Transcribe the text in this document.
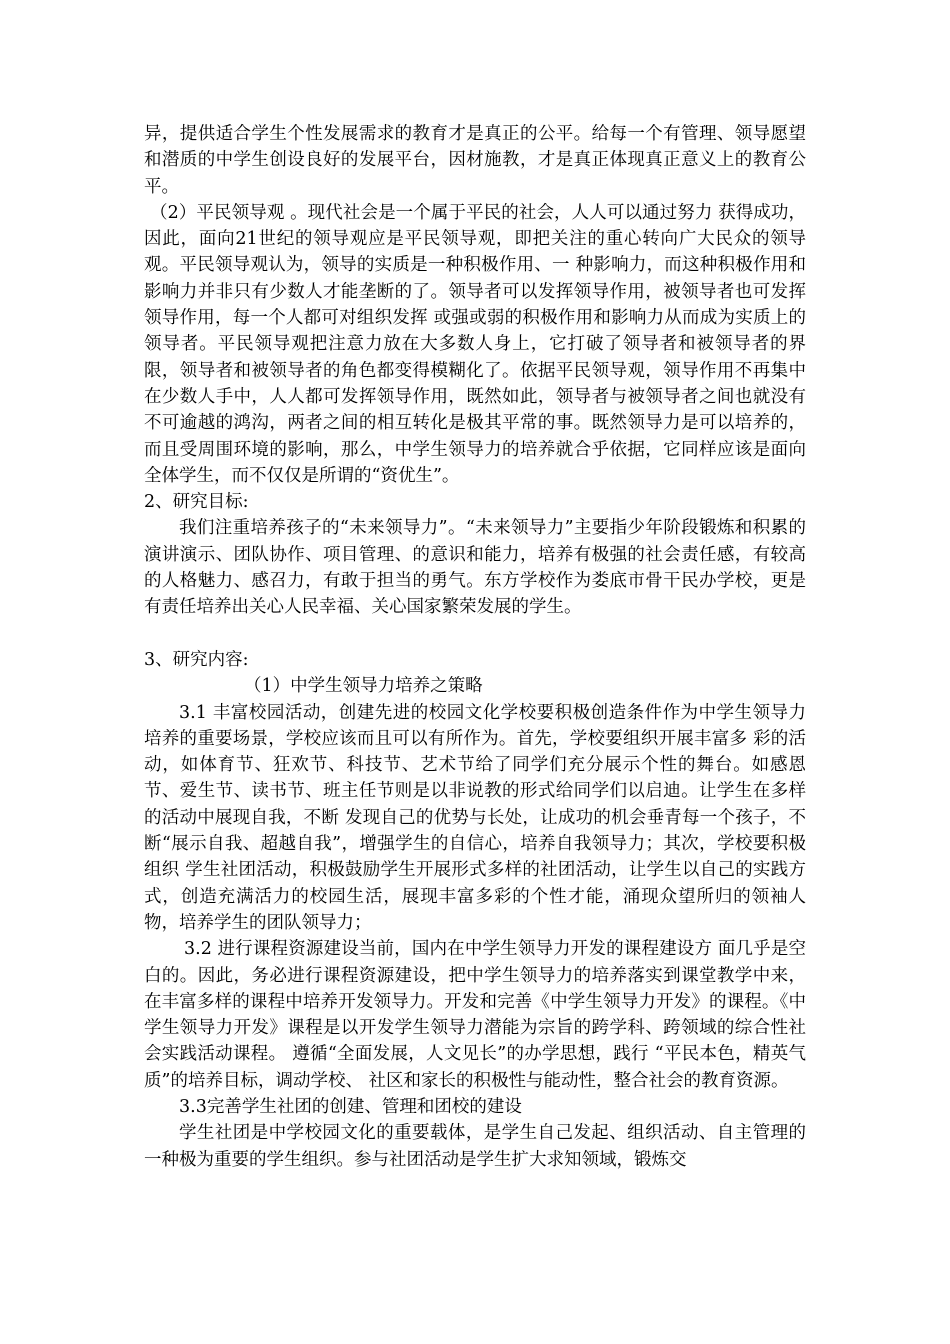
异，提供适合学生个性发展需求的教育才是真正的公平。给每一个有管理、领导愿望和潜质的中学生创设良好的发展平台，因材施教，才是真正体现真正意义上的教育公平。

（2）平民领导观 。现代社会是一个属于平民的社会，人人可以通过努力 获得成功，因此，面向21世纪的领导观应是平民领导观，即把关注的重心转向广大民众的领导观。平民领导观认为，领导的实质是一种积极作用、一 种影响力，而这种积极作用和影响力并非只有少数人才能垄断的了。领导者可以发挥领导作用，被领导者也可发挥领导作用，每一个人都可对组织发挥 或强或弱的积极作用和影响力从而成为实质上的 领导者。平民领导观把注意力放在大多数人身上，它打破了领导者和被领导者的界限，领导者和被领导者的角色都变得模糊化了。依据平民领导观，领导作用不再集中在少数人手中，人人都可发挥领导作用，既然如此，领导者与被领导者之间也就没有不可逾越的鸿沟，两者之间的相互转化是极其平常的事。既然领导力是可以培养的，而且受周围环境的影响，那么，中学生领导力的培养就合乎依据，它同样应该是面向全体学生，而不仅仅是所谓的“资优生”。

2、研究目标:

我们注重培养孩子的“未来领导力”。“未来领导力”主要指少年阶段锻炼和积累的演讲演示、团队协作、项目管理、的意识和能力，培养有极强的社会责任感，有较高的人格魅力、感召力，有敢于担当的勇气。东方学校作为娄底市骨干民办学校，更是有责任培养出关心人民幸福、关心国家繁荣发展的学生。

3、研究内容:

（1）中学生领导力培养之策略

3.1 丰富校园活动，创建先进的校园文化学校要积极创造条件作为中学生领导力培养的重要场景，学校应该而且可以有所作为。首先，学校要组织开展丰富多 彩的活动，如体育节、狂欢节、科技节、艺术节给了同学们充分展示个性的舞台。如感恩节、爱生节、读书节、班主任节则是以非说教的形式给同学们以启迪。让学生在多样的活动中展现自我，不断 发现自己的优势与长处，让成功的机会垂青每一个孩子，不断“展示自我、超越自我”，增强学生的自信心，培养自我领导力；其次，学校要积极组织 学生社团活动，积极鼓励学生开展形式多样的社团活动，让学生以自己的实践方式，创造充满活力的校园生活，展现丰富多彩的个性才能，涌现众望所归的领袖人物，培养学生的团队领导力；

3.2 进行课程资源建设当前，国内在中学生领导力开发的课程建设方 面几乎是空白的。因此，务必进行课程资源建设，把中学生领导力的培养落实到课堂教学中来，在丰富多样的课程中培养开发领导力。开发和完善《中学生领导力开发》的课程。《中学生领导力开发》课程是以开发学生领导力潜能为宗旨的跨学科、跨领域的综合性社会实践活动课程。 遵循“全面发展，人文见长”的办学思想，践行 “平民本色，精英气质”的培养目标，调动学校、 社区和家长的积极性与能动性，整合社会的教育资源。

3.3完善学生社团的创建、管理和团校的建设

学生社团是中学校园文化的重要载体，是学生自己发起、组织活动、自主管理的一种极为重要的学生组织。参与社团活动是学生扩大求知领域，锻炼交
